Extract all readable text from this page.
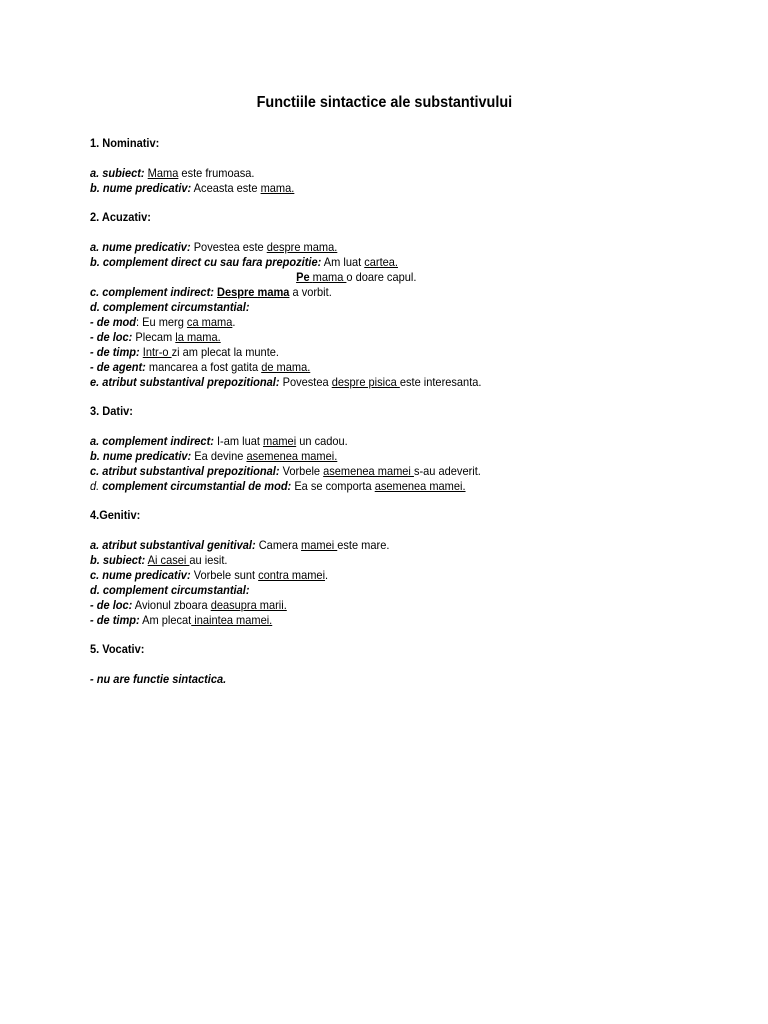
Functiile sintactice ale substantivului
1. Nominativ:
a. subiect: Mama este frumoasa.
b. nume predicativ: Aceasta este mama.
2. Acuzativ:
a. nume predicativ: Povestea este despre mama.
b. complement direct cu sau fara prepozitie: Am luat cartea.
Pe mama o doare capul.
c. complement indirect: Despre mama a vorbit.
d. complement circumstantial:
- de mod: Eu merg ca mama.
- de loc: Plecam la mama.
- de timp: Intr-o zi am plecat la munte.
- de agent: mancarea a fost gatita de mama.
e. atribut substantival prepozitional: Povestea despre pisica este interesanta.
3. Dativ:
a. complement indirect: I-am luat mamei un cadou.
b. nume predicativ: Ea devine asemenea mamei.
c. atribut substantival prepozitional: Vorbele asemenea mamei s-au adeverit.
d. complement circumstantial de mod: Ea se comporta asemenea mamei.
4.Genitiv:
a. atribut substantival genitival: Camera mamei este mare.
b. subiect: Ai casei au iesit.
c. nume predicativ: Vorbele sunt contra mamei.
d. complement circumstantial:
- de loc: Avionul zboara deasupra marii.
- de timp: Am plecat inaintea mamei.
5. Vocativ:
- nu are functie sintactica.
